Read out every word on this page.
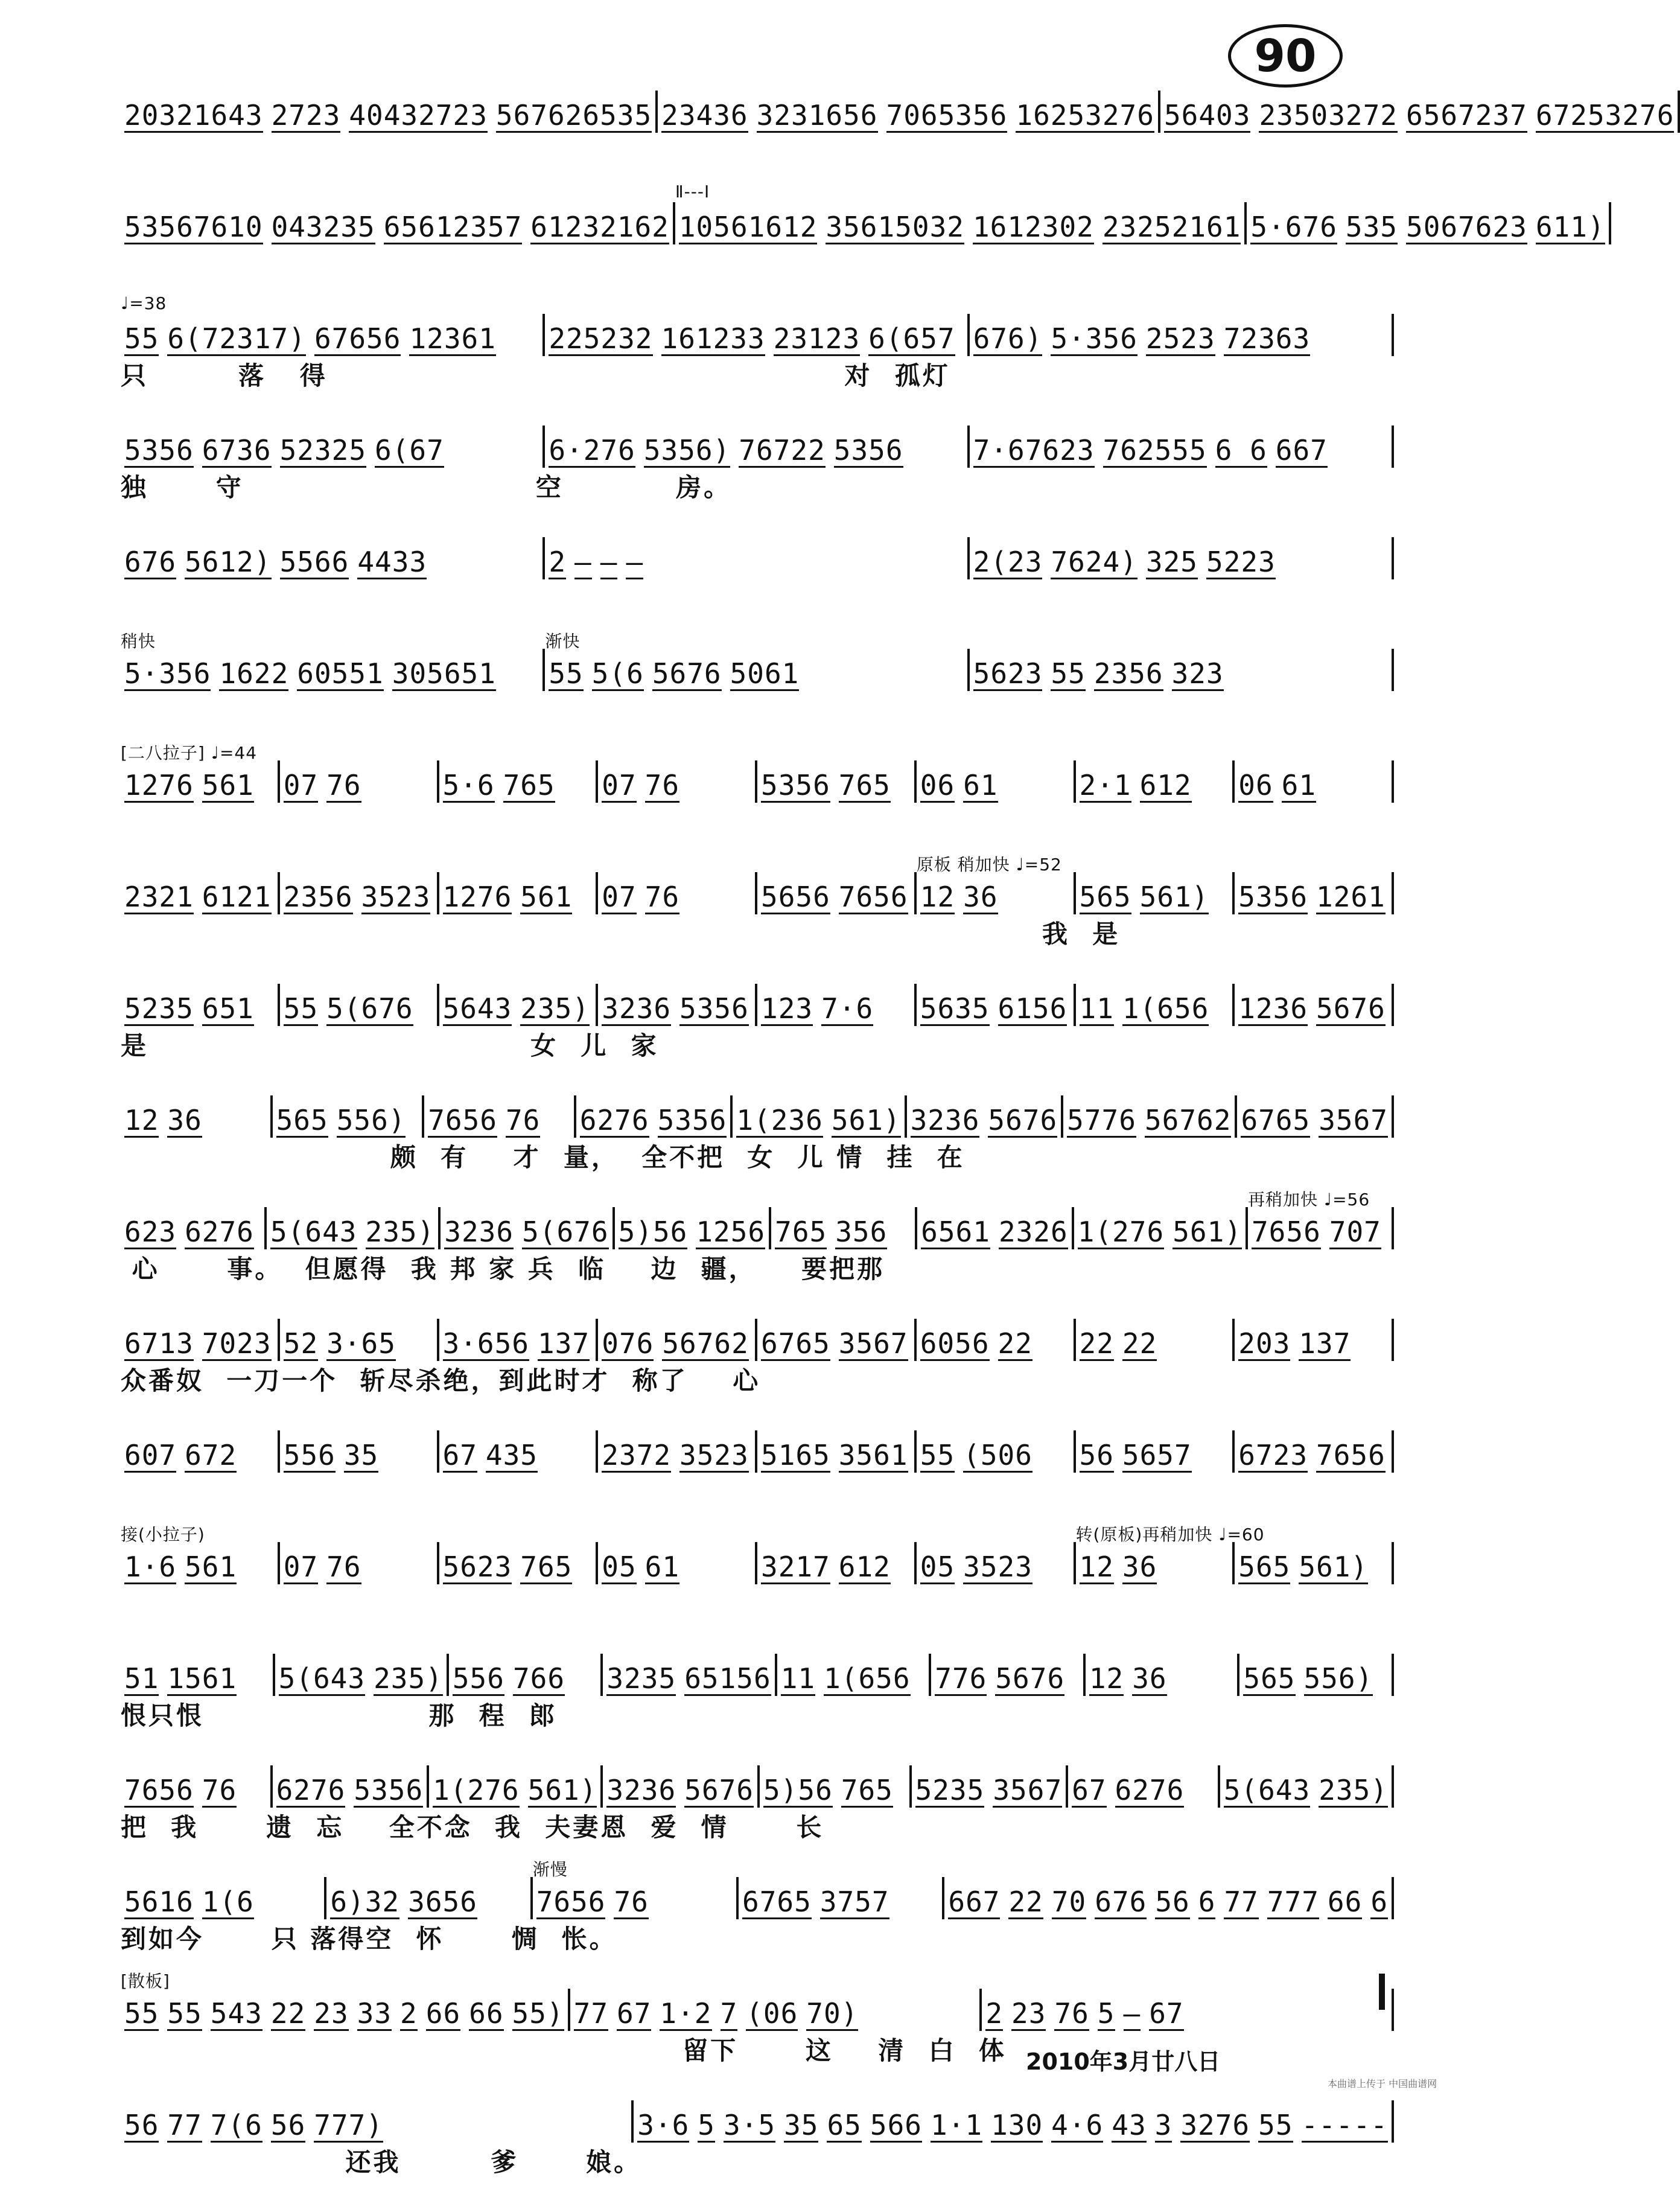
90
20321643 2723 40432723 567626535 23436 3231656 7065356 16253276 56403 23503272 6567237 67253276
53567610 043235 65612357 61232162
Ⅱ---Ⅰ
10561612 35615032 1612302 23252161 5·676 535 5067623 611)
♩=38
55 6(72317) 67656 12361 225232 161233 23123 6(657 676) 5·356 2523 72363
只        落   得                                              对  孤灯
5356 6736 52325 6(67	6·276 5356) 76722 5356	7·67623 762555 6 6 667
独      守                          空          房。
676 5612) 5566 4433	2 — — —	2(23 7624) 325 5223
稍快
5·356 1622 60551 305651
渐快
55 5(6 5676 5061	5623 55 2356 323
[二八拉子] ♩=44
1276 561 07 76	5·6 765 07 76	5356 765 06 61	2·1 612 06 61
2321 6121 2356 3523 1276 561 07 76	5656 7656
原板 稍加快 ♩=52
12 36	565 561) 5356 1261
我  是
5235 651 55 5(676 5643 235) 3236 5356 123 7·6 5635 6156 11 1(656 1236 5676
是                                  女  儿  家
12 36	565 556) 7656 76 6276 5356 1(236 561) 3236 5676 5776 56762 6765 3567
颇  有    才  量，  全不把  女  儿 情  挂  在
623 6276 5(643 235) 3236 5(676 5)56 1256 765 356 6561 2326 1(276 561)
再稍加快 ♩=56
7656 707
心      事。  但愿得  我 邦 家 兵  临    边  疆，    要把那
6713 7023 52 3·65 3·656 137 076 56762 6765 3567 6056 22 22 22	203 137
众番奴  一刀一个  斩尽杀绝，到此时才  称了    心
607 672 556 35 67 435 2372 3523 5165 3561 55 (506 56 5657 6723 7656
接(小拉子)
1·6 561 07 76	5623 765 05 61	3217 612 05 3523
转(原板)再稍加快 ♩=60
12 36	565 561)
51 1561 5(643 235) 556 766 3235 65156 11 1(656 776 5676 12 36	565 556)
恨只恨                    那  程  郎
7656 76 6276 5356 1(276 561) 3236 5676 5)56 765 5235 3567 67 6276 5(643 235)
把  我      遗  忘    全不念  我  夫妻恩  爱  情      长
5616 1(6	6)32 3656
渐慢
7656 76	6765 3757 667 22 70 676 56 6 77 777 66 6
到如今      只 落得空  怀      惆  怅。
[散板]
55 55 543 22 23 33 2 66 66 55) 77 67 1·2 7 (06 70)	2 23 76 5 — 67
留下      这    清  白  体
56 77 7(6 56 777)	3·6 5 3·5 35 65 566 1·1 130 4·6 43 3 3276 55 -----
还我        爹      娘。
2010年3月廿八日
本曲谱上传于 中国曲谱网
